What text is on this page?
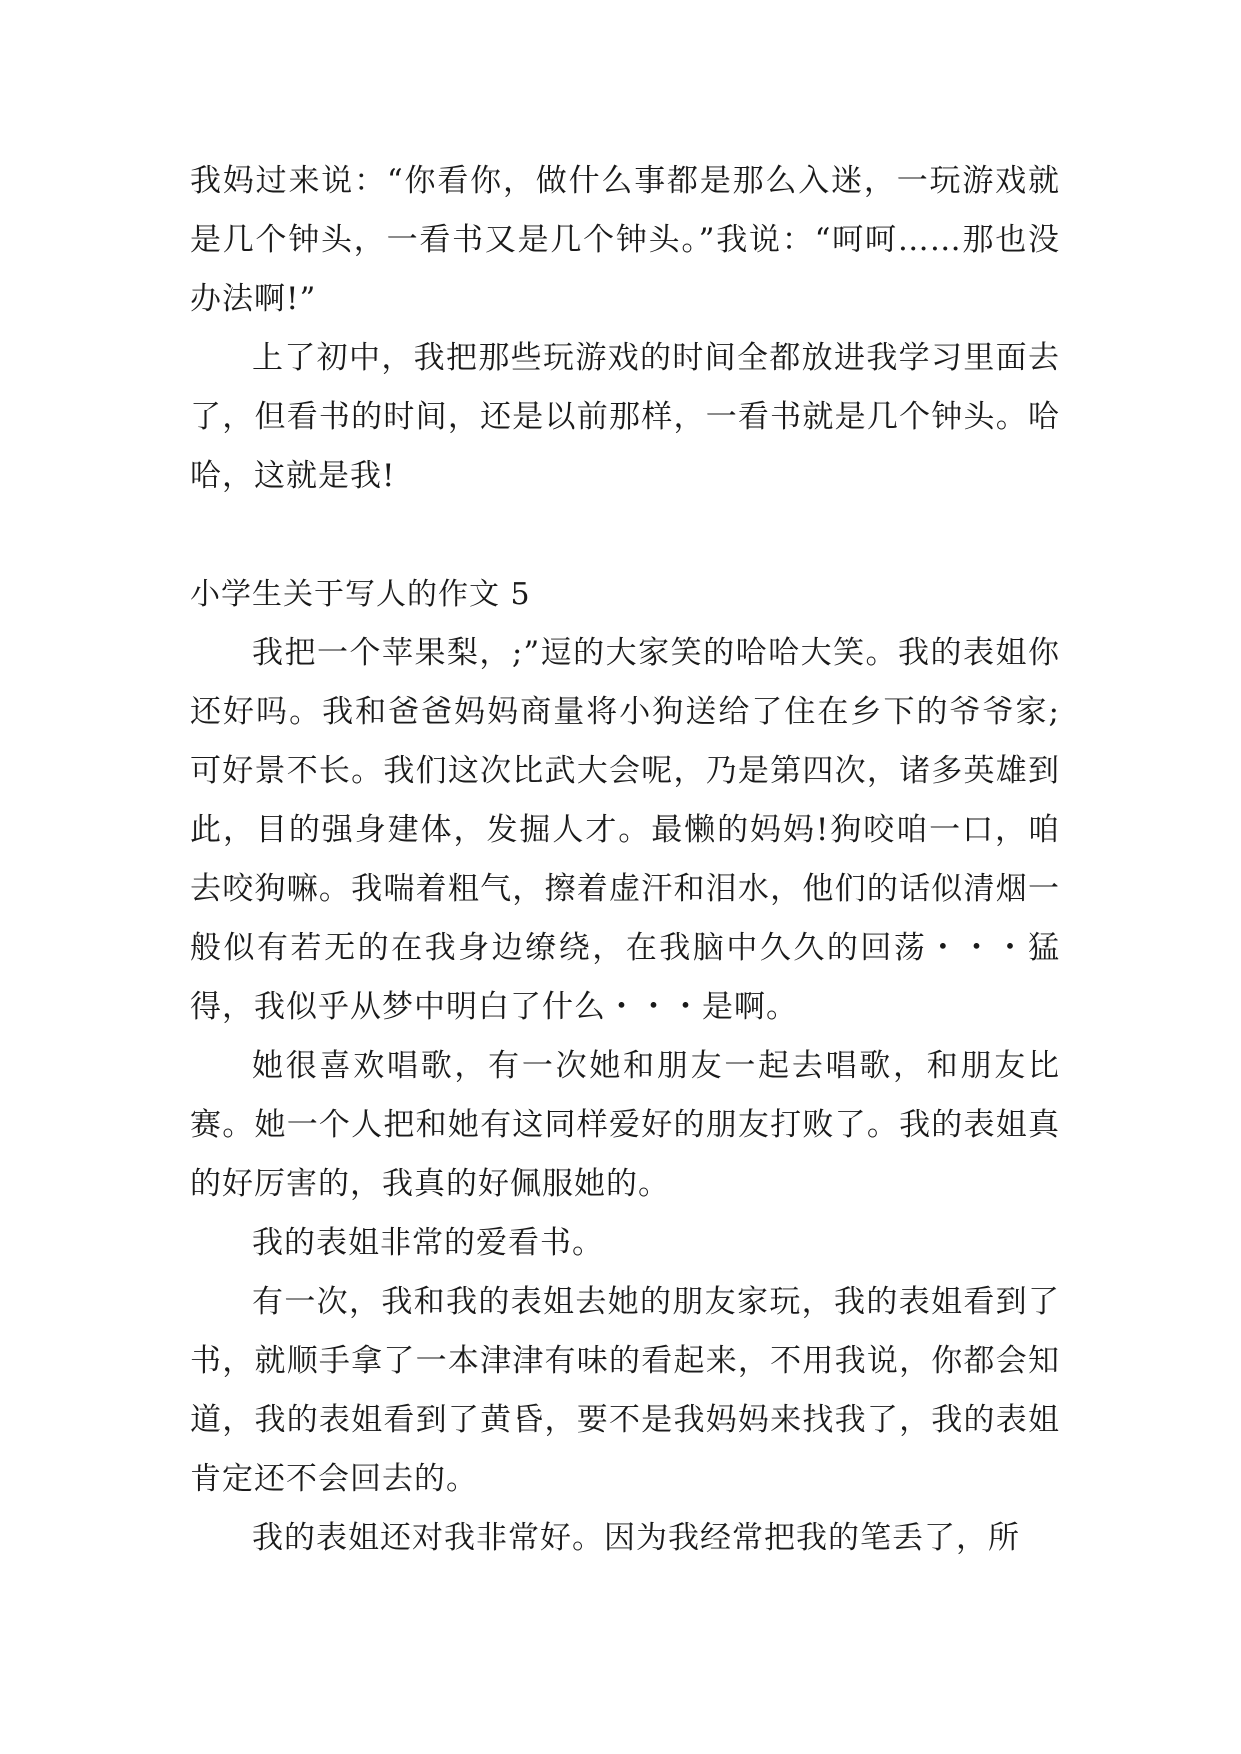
我妈过来说：“你看你，做什么事都是那么入迷，一玩游戏就是几个钟头，一看书又是几个钟头。”我说：“呵呵……那也没办法啊!”

上了初中，我把那些玩游戏的时间全都放进我学习里面去了，但看书的时间，还是以前那样，一看书就是几个钟头。哈哈，这就是我!

小学生关于写人的作文 5

我把一个苹果梨，;”逗的大家笑的哈哈大笑。我的表姐你还好吗。我和爸爸妈妈商量将小狗送给了住在乡下的爷爷家;可好景不长。我们这次比武大会呢，乃是第四次，诸多英雄到此，目的强身建体，发掘人才。最懒的妈妈!狗咬咱一口，咱去咬狗嘛。我喘着粗气，擦着虚汗和泪水，他们的话似清烟一般似有若无的在我身边缭绕，在我脑中久久的回荡・・・猛得，我似乎从梦中明白了什么・・・是啊。

她很喜欢唱歌，有一次她和朋友一起去唱歌，和朋友比赛。她一个人把和她有这同样爱好的朋友打败了。我的表姐真的好厉害的，我真的好佩服她的。

我的表姐非常的爱看书。

有一次，我和我的表姐去她的朋友家玩，我的表姐看到了书，就顺手拿了一本津津有味的看起来，不用我说，你都会知道，我的表姐看到了黄昏，要不是我妈妈来找我了，我的表姐肯定还不会回去的。

我的表姐还对我非常好。因为我经常把我的笔丢了，所
